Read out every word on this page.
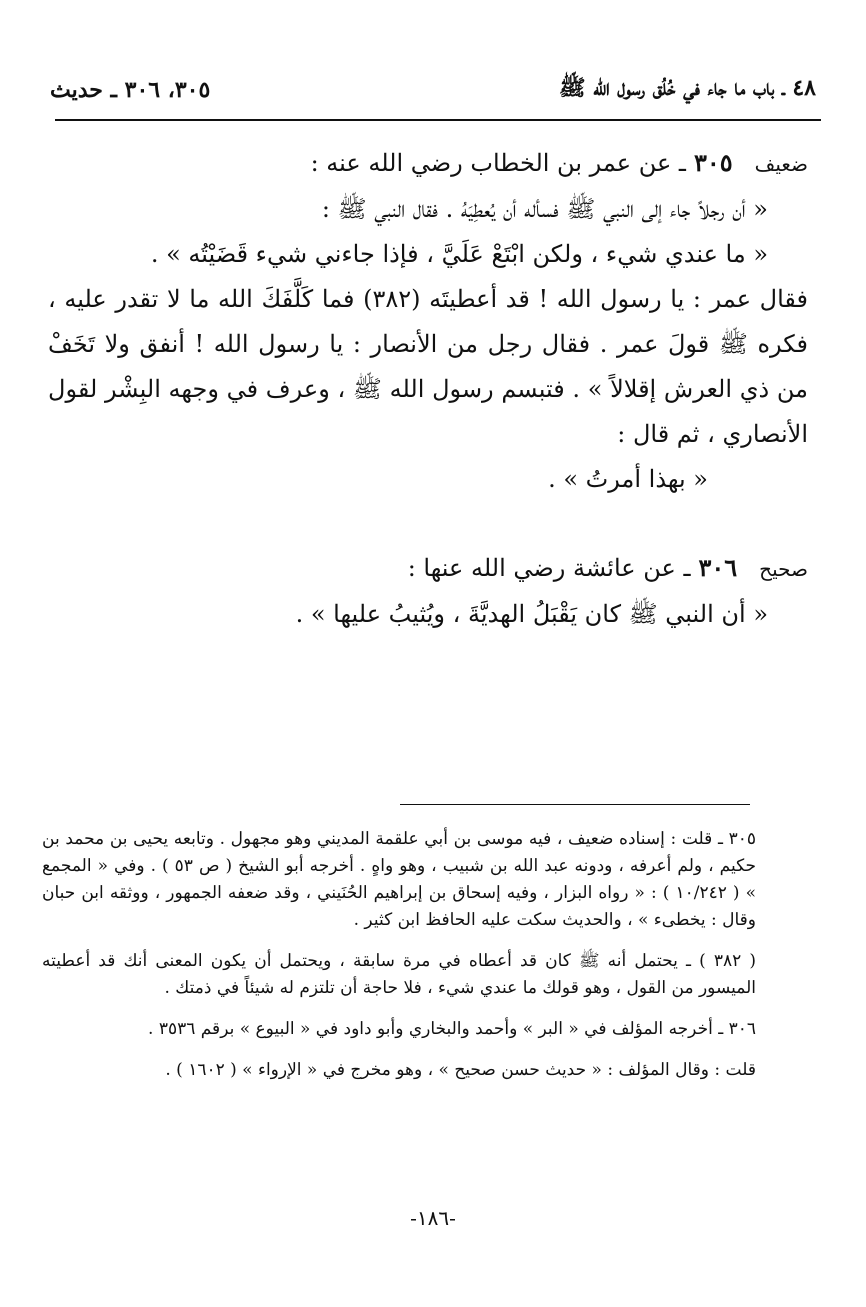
٤٨ ـ باب ما جاء في خُلُق رسول الله ﷺ
٣٠٥، ٣٠٦ ـ حديث
ضعيف
٣٠٥
ـ عن عمر بن الخطاب رضي الله عنه :

« أن رجلاً جاء إلى النبي ﷺ فسأله أن يُعطِيَهُ . فقال النبي ﷺ :

« ما عندي شيء ، ولكن ابْتَعْ عَلَيَّ ، فإذا جاءني شيء قَضَيْتُه » .

فقال عمر : يا رسول الله ! قد أعطيتَه (٣٨٢) فما كَلَّفَكَ الله ما لا تقدر عليه ، فكره ﷺ قولَ عمر . فقال رجل من الأنصار : يا رسول الله ! أنفق ولا تَخَفْ من ذي العرش إقلالاً » . فتبسم رسول الله ﷺ ، وعرف في وجهه البِشْر لقول الأنصاري ، ثم قال :

« بهذا أمرتُ » .

صحيح
٣٠٦
ـ عن عائشة رضي الله عنها :

« أن النبي ﷺ كان يَقْبَلُ الهديَّةَ ، ويُثيبُ عليها » .

٣٠٥ ـ قلت : إسناده ضعيف ، فيه موسى بن أبي علقمة المديني وهو مجهول . وتابعه يحيى بن محمد بن حكيم ، ولم أعرفه ، ودونه عبد الله بن شبيب ، وهو واهٍ . أخرجه أبو الشيخ ( ص ٥٣ ) . وفي « المجمع » ( ١٠/٢٤٢ ) : « رواه البزار ، وفيه إسحاق بن إبراهيم الحُنَيني ، وقد ضعفه الجمهور ، ووثقه ابن حبان وقال : يخطىء » ، والحديث سكت عليه الحافظ ابن كثير .

( ٣٨٢ ) ـ يحتمل أنه ﷺ كان قد أعطاه في مرة سابقة ، ويحتمل أن يكون المعنى أنك قد أعطيته الميسور من القول ، وهو قولك ما عندي شيء ، فلا حاجة أن تلتزم له شيئاً في ذمتك .

٣٠٦ ـ أخرجه المؤلف في « البر » وأحمد والبخاري وأبو داود في « البيوع » برقم ٣٥٣٦ .

قلت : وقال المؤلف : « حديث حسن صحيح » ، وهو مخرج في « الإرواء » ( ١٦٠٢ ) .

-١٨٦-
